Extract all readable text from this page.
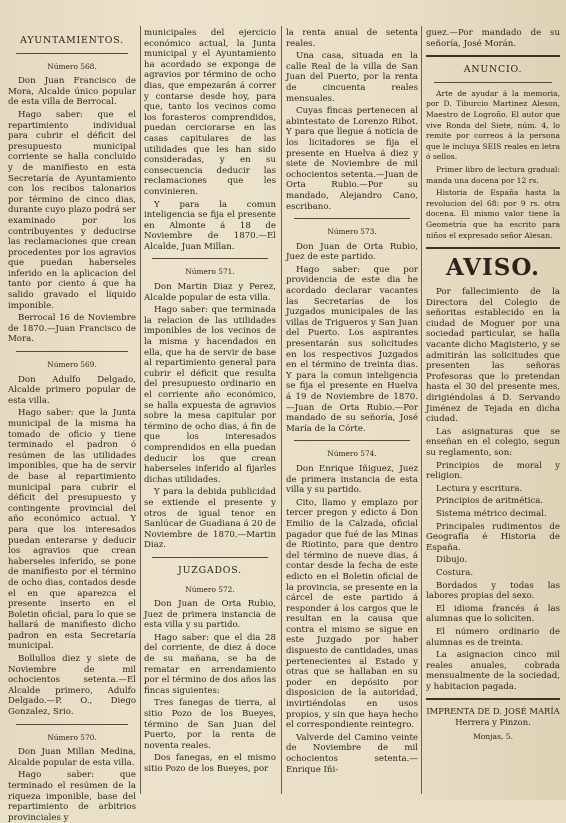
AYUNTAMIENTOS.
Número 568.

Don Juan Francisco de Mora, Alcalde único popular de esta villa de Berrocal.

Hago saber: que el repartimiento individual para cubrir el déficit del presupuesto municipal corriente se halla concluido y de manifiesto en esta Secretaría de Ayuntamiento con los recibos talonarios por término de cinco dias, durante cuyo plazo podrá ser examinado por los contribuyentes y deducirse las reclamaciones que crean procedentes por los agravios que puedan haberseles inferido en la aplicacion del tanto por ciento á que ha salido gravado el líquido imponible.

Berrocal 16 de Noviembre de 1870.—Juan Francisco de Mora.

Número 569.

Don Adulfo Delgado, Alcalde primero popular de esta villa.

Hago saber: que la Junta municipal de la misma ha tomado de oficio y tiene terminado el padron ó resúmen de las utilidades imponibles, que ha de servir de base al repartimiento municipal para cubrir el déficit del presupuesto y contingente provincial del año económico actual. Y para que los interesados puedan enterarse y deducir los agravios que crean haberseles inferido, se pone de manifiesto por el término de ocho dias, contados desde el en que aparezca el presente inserto en el Boletin oficial, para lo que se hallará de manifiesto dicho padron en esta Secretaría municipal.

Bollullos diez y siete de Noviembre de mil ochocientos setenta.—El Alcalde primero, Adulfo Delgado.—P. O., Diego Gonzalez, Srio.

Número 570.

Don Juan Millan Medina, Alcalde popular de esta villa.

Hago saber: que terminado el resúmen de la riqueza imponible, base del repartimiento de arbitrios provinciales y

municipales del ejercicio económico actual, la Junta municipal y el Ayuntamiento ha acordado se exponga de agravios por término de ocho dias, que empezarán á correr y contarse desde hoy, para que, tanto los vecinos como los forasteros comprendidos, puedan cerciorarse en las casas capitulares de las utilidades que les han sido consideradas, y en su consecuencia deducir las reclamaciones que les convinieren.

Y para la comun inteligencia se fija el presente en Almonte á 18 de Noviembre de 1870.—El Alcalde, Juan Millan.

Número 571.

Don Martin Diaz y Perez, Alcalde popular de esta villa.

Hago saber: que terminada la relacion de las utilidades imponibles de los vecinos de la misma y hacendados en ella, que ha de servir de base al repartimiento general para cubrir el déficit que resulta del presupuesto ordinario en el corriente año económico, se halla expuesta de agravios sobre la mesa capitular por término de ocho dias, á fin de que los interesados comprendidos en ella puedan deducir los que crean haberseles inferido al fijarles dichas utilidades.

Y para la debida publicidad se extiende el presente y otros de igual tenor en Sanlúcar de Guadiana á 20 de Noviembre de 1870.—Martin Diaz.

JUZGADOS.
Número 572.

Don Juan de Orta Rubio, Juez de primera instancia de esta villa y su partido.

Hago saber: que el dia 28 del corriente, de diez á doce de su mañana, se ha de rematar en arrendamiento por el término de dos años las fincas siguientes:

Tres fanegas de tierra, al sitio Pozo de los Bueyes, término de San Juan del Puerto, por la renta de noventa reales.

Dos fanegas, en el mismo sitio Pozo de los Bueyes, por

la renta anual de setenta reales.

Una casa, situada en la calle Real de la villa de San Juan del Puerto, por la renta de cincuenta reales mensuales.

Cuyas fincas pertenecen al abintestato de Lorenzo Ribot. Y para que llegue á noticia de los licitadores se fija el presente en Huelva á diez y siete de Noviembre de mil ochocientos setenta.—Juan de Orta Rubio.—Por su mandado, Alejandro Cano, escribano.

Número 573.

Don Juan de Orta Rubio, Juez de este partido.

Hago saber: que por providencia de este dia he acordado declarar vacantes las Secretarías de los Juzgados municipales de las villas de Trigueros y San Juan del Puerto. Los aspirantes presentarán sus solicitudes en los respectivos Juzgados en el término de treinta dias. Y para la comun inteligencia se fija el presente en Huelva á 19 de Noviembre de 1870.—Juan de Orta Rubio.—Por mandado de su señoría, José María de la Córte.

Número 574.

Don Enrique Iñiguez, Juez de primera instancia de esta villa y su partido.

Cito, llamo y emplazo por tercer pregon y edicto á Don Emilio de la Calzada, oficial pagador que fué de las Minas de Riotinto, para que dentro del término de nueve dias, á contar desde la fecha de este edicto en el Boletin oficial de la provincia, se presente en la cárcel de este partido á responder á los cargos que le resultan en la causa que contra el mismo se sigue en este Juzgado por haber dispuesto de cantidades, unas pertenecientes al Estado y otras que se hallaban en su poder en depósito por disposicion de la autoridad, invirtiéndolas en usos propios, y sin que haya hecho el correspondiente reintegro.

Valverde del Camino veinte de Noviembre de mil ochocientos setenta.—Enrique Iñi-

guez.—Por mandado de su señoría, José Morán.

ANUNCIO.

Arte de ayudar á la memoria, por D. Tiburcio Martinez Aleson, Maestro de Logroño. El autor que vive Ronda del Siete, núm. 4, lo remite por correos á la persona que le incluya SEIS reales en letra ó sellos.

Primer libro de lectura gradual: manda una docena por 12 rs.

Historia de España hasta la revolucion del 68: por 9 rs. otra docena. El mismo valor tiene la Geometría que ha escrito para niños el expresado señor Alesan.

AVISO.

Por fallecimiento de la Directora del Colegio de señoritas establecido en la ciudad de Moguer por una sociedad particular, se halla vacante dicho Magisterio, y se admitirán las solicitudes que presenten las señoras Profesoras que lo pretendan hasta el 30 del presente mes, dirigiéndolas á D. Servando Jiménez de Tejada en dicha ciudad.

Las asignaturas que se enseñan en el colegio, segun su reglamento, son:

Principios de moral y religion.

Lectura y escritura.

Principios de aritmética.

Sistema métrico decimal.

Principales rudimentos de Geografía é Historia de España.

Dibujo.

Costura.

Bordados y todas las labores propias del sexo.

El idioma francés á las alumnas que lo soliciten.

El número ordinario de alumnas es de treinta.

La asignacion cinco mil reales anuales, cobrada mensualmente de la sociedad, y habitacion pagada.

IMPRENTA DE D. JOSÉ MARÍA Herrera y Pinzon.
Monjas, 5.
